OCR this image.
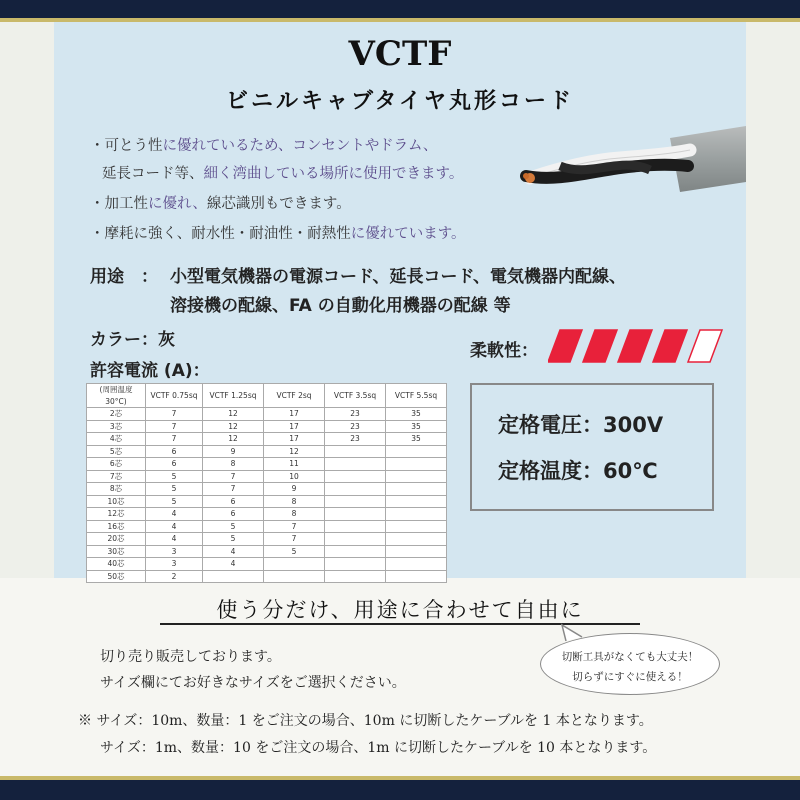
VCTF
ビニルキャブタイヤ丸形コード
・可とう性に優れているため、コンセントやドラム、
延長コード等、細く湾曲している場所に使用できます。
・加工性に優れ、線芯識別もできます。
・摩耗に強く、耐水性・耐油性・耐熱性に優れています。
用途　： 小型電気機器の電源コード、延長コード、電気機器内配線、
溶接機の配線、FA の自動化用機器の配線 等
カラー：灰
許容電流 (A)：
柔軟性：
(周囲温度30°C)	VCTF 0.75sq	VCTF 1.25sq	VCTF 2sq	VCTF 3.5sq	VCTF 5.5sq
2芯	7	12	17	23	35
3芯	7	12	17	23	35
4芯	7	12	17	23	35
5芯	6	9	12		
6芯	6	8	11		
7芯	5	7	10		
8芯	5	7	9		
10芯	5	6	8		
12芯	4	6	8		
16芯	4	5	7		
20芯	4	5	7		
30芯	3	4	5		
40芯	3	4			
50芯	2				
定格電圧：300V
定格温度：60℃
使う分だけ、用途に合わせて自由に
切り売り販売しております。
サイズ欄にてお好きなサイズをご選択ください。
切断工具がなくても大丈夫！
切らずにすぐに使える！
※ サイズ：10m、数量：1 をご注文の場合、10m に切断したケーブルを 1 本となります。
サイズ：1m、数量：10 をご注文の場合、1m に切断したケーブルを 10 本となります。
